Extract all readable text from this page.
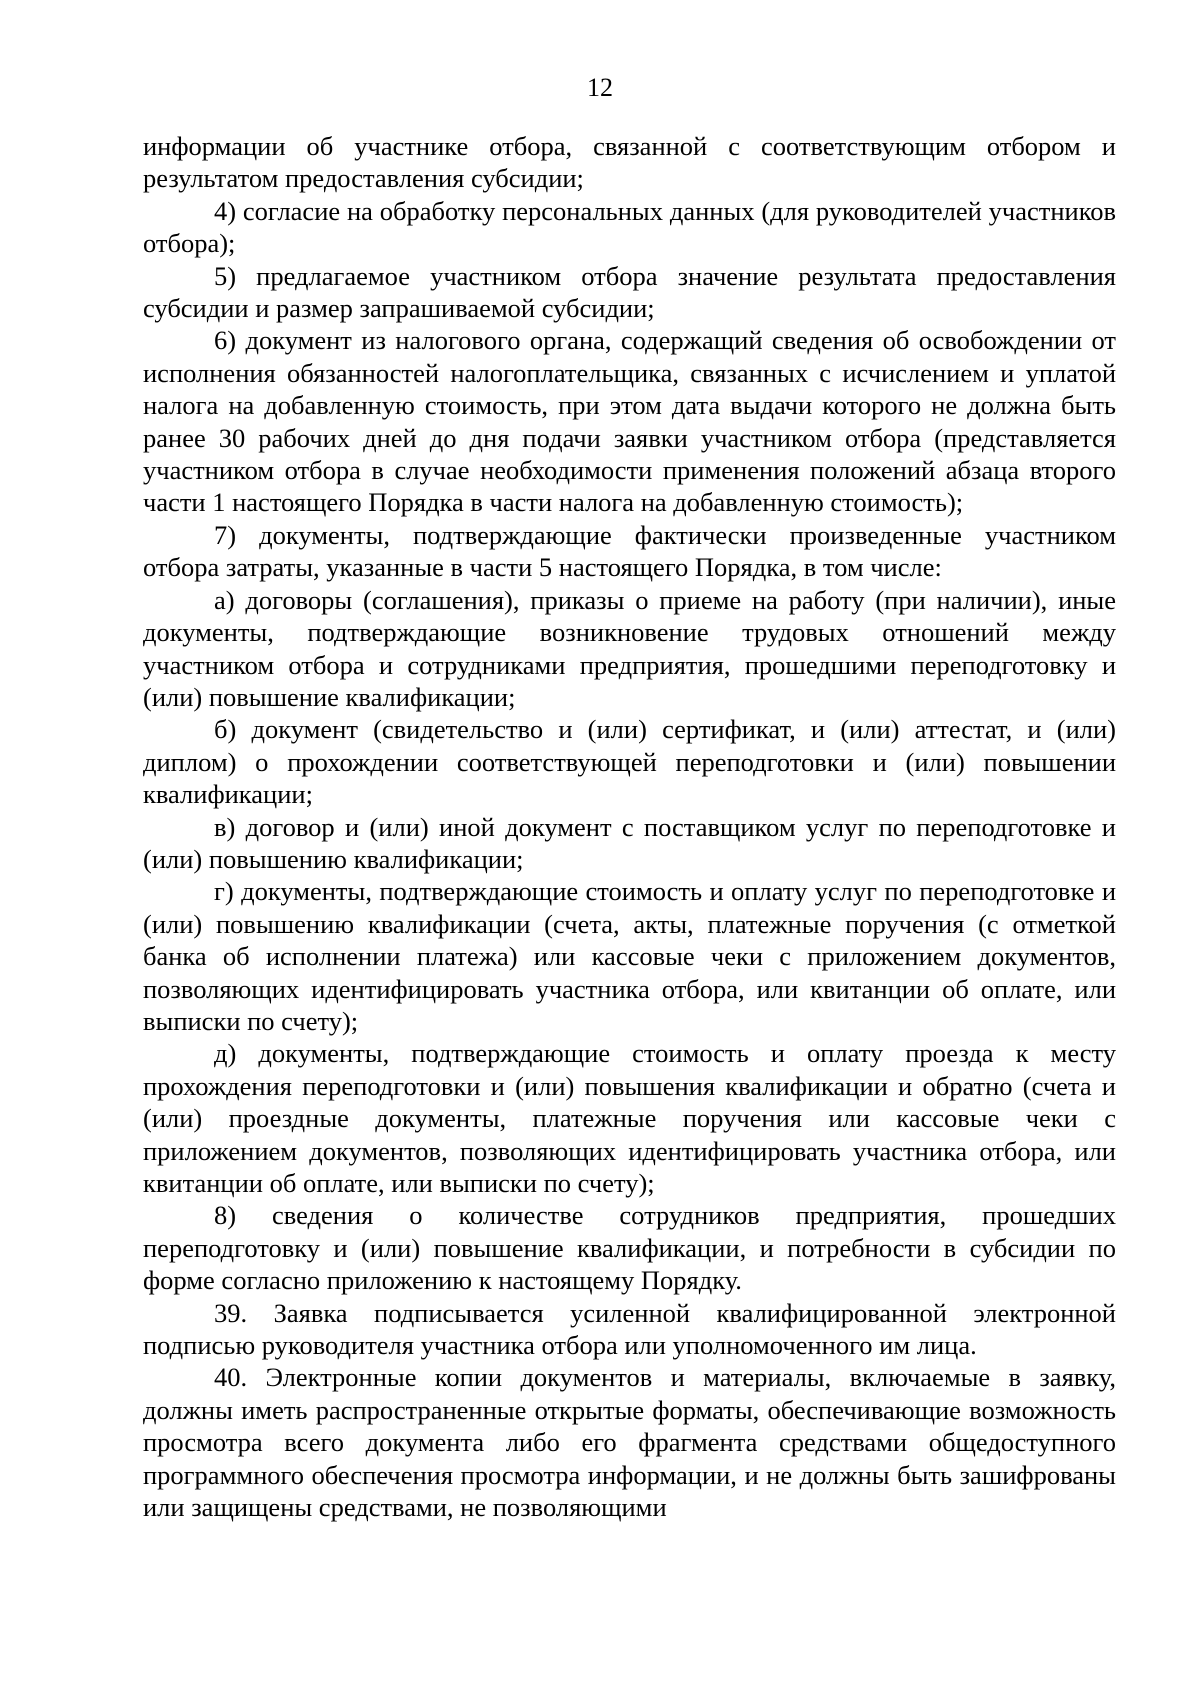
12

информации об участнике отбора, связанной с соответствующим отбором и результатом предоставления субсидии;

4) согласие на обработку персональных данных (для руководителей участников отбора);

5) предлагаемое участником отбора значение результата предоставления субсидии и размер запрашиваемой субсидии;

6) документ из налогового органа, содержащий сведения об освобождении от исполнения обязанностей налогоплательщика, связанных с исчислением и уплатой налога на добавленную стоимость, при этом дата выдачи которого не должна быть ранее 30 рабочих дней до дня подачи заявки участником отбора (представляется участником отбора в случае необходимости применения положений абзаца второго части 1 настоящего Порядка в части налога на добавленную стоимость);

7) документы, подтверждающие фактически произведенные участником отбора затраты, указанные в части 5 настоящего Порядка, в том числе:

а) договоры (соглашения), приказы о приеме на работу (при наличии), иные документы, подтверждающие возникновение трудовых отношений между участником отбора и сотрудниками предприятия, прошедшими переподготовку и (или) повышение квалификации;

б) документ (свидетельство и (или) сертификат, и (или) аттестат, и (или) диплом) о прохождении соответствующей переподготовки и (или) повышении квалификации;

в) договор и (или) иной документ с поставщиком услуг по переподготовке и (или) повышению квалификации;

г) документы, подтверждающие стоимость и оплату услуг по переподготовке и (или) повышению квалификации (счета, акты, платежные поручения (с отметкой банка об исполнении платежа) или кассовые чеки с приложением документов, позволяющих идентифицировать участника отбора, или квитанции об оплате, или выписки по счету);

д) документы, подтверждающие стоимость и оплату проезда к месту прохождения переподготовки и (или) повышения квалификации и обратно (счета и (или) проездные документы, платежные поручения или кассовые чеки с приложением документов, позволяющих идентифицировать участника отбора, или квитанции об оплате, или выписки по счету);

8) сведения о количестве сотрудников предприятия, прошедших переподготовку и (или) повышение квалификации, и потребности в субсидии по форме согласно приложению к настоящему Порядку.

39. Заявка подписывается усиленной квалифицированной электронной подписью руководителя участника отбора или уполномоченного им лица.

40. Электронные копии документов и материалы, включаемые в заявку, должны иметь распространенные открытые форматы, обеспечивающие возможность просмотра всего документа либо его фрагмента средствами общедоступного программного обеспечения просмотра информации, и не должны быть зашифрованы или защищены средствами, не позволяющими
